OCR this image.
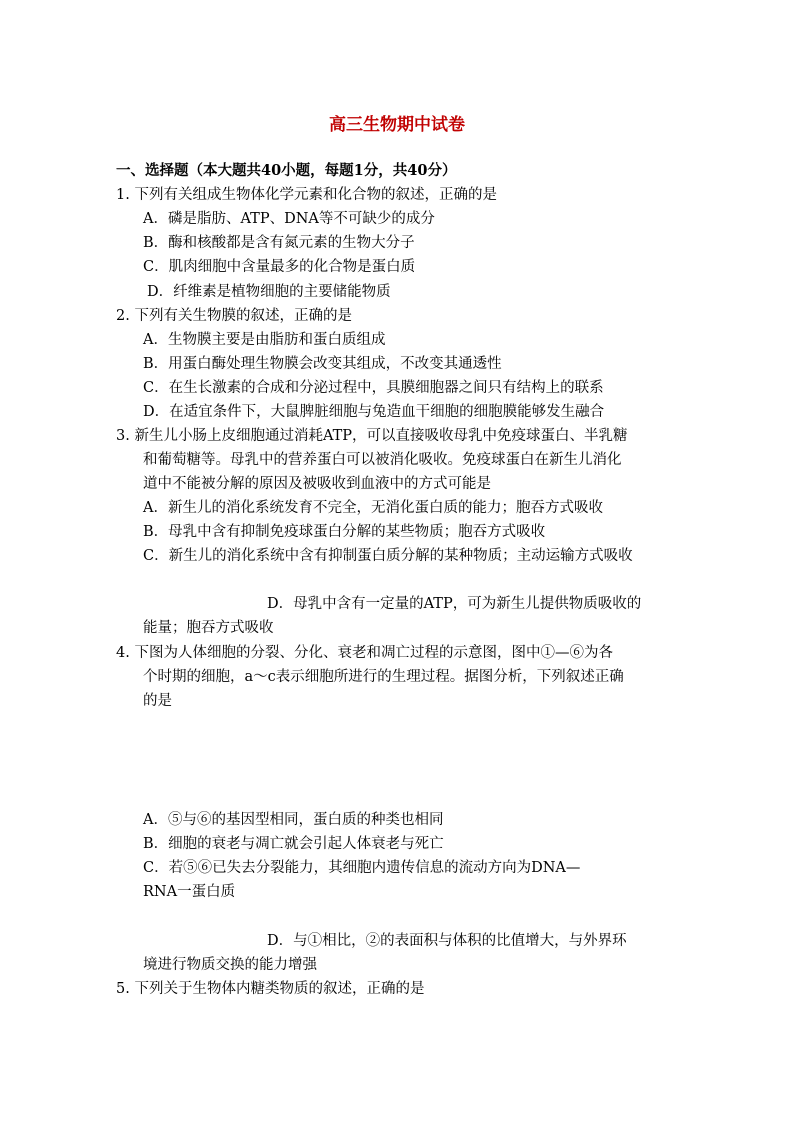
高三生物期中试卷
一、选择题（本大题共40小题，每题1分，共40分）
1. 下列有关组成生物体化学元素和化合物的叙述，正确的是
A．磷是脂肪、ATP、DNA等不可缺少的成分
B．酶和核酸都是含有氮元素的生物大分子
C．肌肉细胞中含量最多的化合物是蛋白质
D．纤维素是植物细胞的主要储能物质
2. 下列有关生物膜的叙述，正确的是
A．生物膜主要是由脂肪和蛋白质组成
B．用蛋白酶处理生物膜会改变其组成，不改变其通透性
C．在生长激素的合成和分泌过程中，具膜细胞器之间只有结构上的联系
D．在适宜条件下，大鼠脾脏细胞与兔造血干细胞的细胞膜能够发生融合
3. 新生儿小肠上皮细胞通过消耗ATP，可以直接吸收母乳中免疫球蛋白、半乳糖
和葡萄糖等。母乳中的营养蛋白可以被消化吸收。免疫球蛋白在新生儿消化
道中不能被分解的原因及被吸收到血液中的方式可能是
A．新生儿的消化系统发育不完全，无消化蛋白质的能力；胞吞方式吸收
B．母乳中含有抑制免疫球蛋白分解的某些物质；胞吞方式吸收
C．新生儿的消化系统中含有抑制蛋白质分解的某种物质；主动运输方式吸收
D．母乳中含有一定量的ATP，可为新生儿提供物质吸收的
能量；胞吞方式吸收
4. 下图为人体细胞的分裂、分化、衰老和凋亡过程的示意图，图中①—⑥为各
个时期的细胞，a～c表示细胞所进行的生理过程。据图分析，下列叙述正确
的是
A．⑤与⑥的基因型相同，蛋白质的种类也相同
B．细胞的衰老与凋亡就会引起人体衰老与死亡
C．若⑤⑥已失去分裂能力，其细胞内遗传信息的流动方向为DNA—
RNA一蛋白质
D．与①相比，②的表面积与体积的比值增大，与外界环
境进行物质交换的能力增强
5. 下列关于生物体内糖类物质的叙述，正确的是
